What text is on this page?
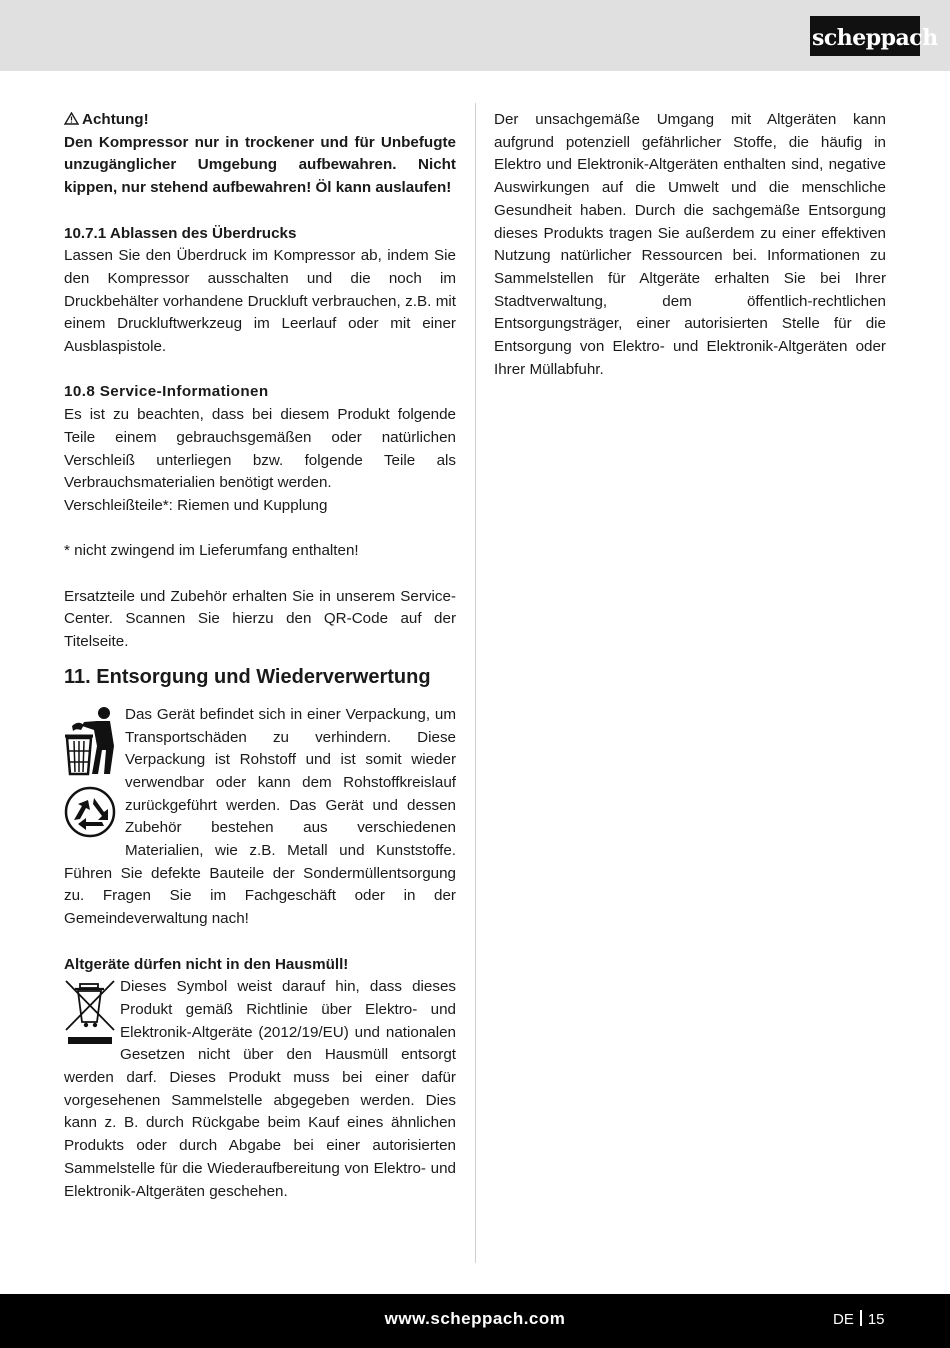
scheppach

Achtung!

Den Kompressor nur in trockener und für Unbefugte unzugänglicher Umgebung aufbewahren. Nicht kippen, nur stehend aufbewahren! Öl kann auslaufen!

10.7.1 Ablassen des Überdrucks

Lassen Sie den Überdruck im Kompressor ab, indem Sie den Kompressor ausschalten und die noch im Druckbehälter vorhandene Druckluft verbrauchen, z.B. mit einem Druckluftwerkzeug im Leerlauf oder mit einer Ausblaspistole.

10.8 Service-Informationen

Es ist zu beachten, dass bei diesem Produkt folgende Teile einem gebrauchsgemäßen oder natürlichen Verschleiß unterliegen bzw. folgende Teile als Verbrauchsmaterialien benötigt werden.

Verschleißteile*: Riemen und Kupplung

* nicht zwingend im Lieferumfang enthalten!

Ersatzteile und Zubehör erhalten Sie in unserem Service-Center. Scannen Sie hierzu den QR-Code auf der Titelseite.

11. Entsorgung und Wiederverwertung

Das Gerät befindet sich in einer Verpackung, um Transportschäden zu verhindern. Diese Verpackung ist Rohstoff und ist somit wieder verwendbar oder kann dem Rohstoffkreislauf zurückgeführt werden. Das Gerät und dessen Zubehör bestehen aus verschiedenen Materialien, wie z.B. Metall und Kunststoffe. Führen Sie defekte Bauteile der Sondermüllentsorgung zu. Fragen Sie im Fachgeschäft oder in der Gemeindeverwaltung nach!

Altgeräte dürfen nicht in den Hausmüll!

Dieses Symbol weist darauf hin, dass dieses Produkt gemäß Richtlinie über Elektro- und Elektronik-Altgeräte (2012/19/EU) und nationalen Gesetzen nicht über den Hausmüll entsorgt werden darf. Dieses Produkt muss bei einer dafür vorgesehenen Sammelstelle abgegeben werden. Dies kann z. B. durch Rückgabe beim Kauf eines ähnlichen Produkts oder durch Abgabe bei einer autorisierten Sammelstelle für die Wiederaufbereitung von Elektro- und Elektronik-Altgeräten geschehen.

Der unsachgemäße Umgang mit Altgeräten kann aufgrund potenziell gefährlicher Stoffe, die häufig in Elektro und Elektronik-Altgeräten enthalten sind, negative Auswirkungen auf die Umwelt und die menschliche Gesundheit haben. Durch die sachgemäße Entsorgung dieses Produkts tragen Sie außerdem zu einer effektiven Nutzung natürlicher Ressourcen bei. Informationen zu Sammelstellen für Altgeräte erhalten Sie bei Ihrer Stadtverwaltung, dem öffentlich-rechtlichen Entsorgungsträger, einer autorisierten Stelle für die Entsorgung von Elektro- und Elektronik-Altgeräten oder Ihrer Müllabfuhr.

www.scheppach.com	DE 15
